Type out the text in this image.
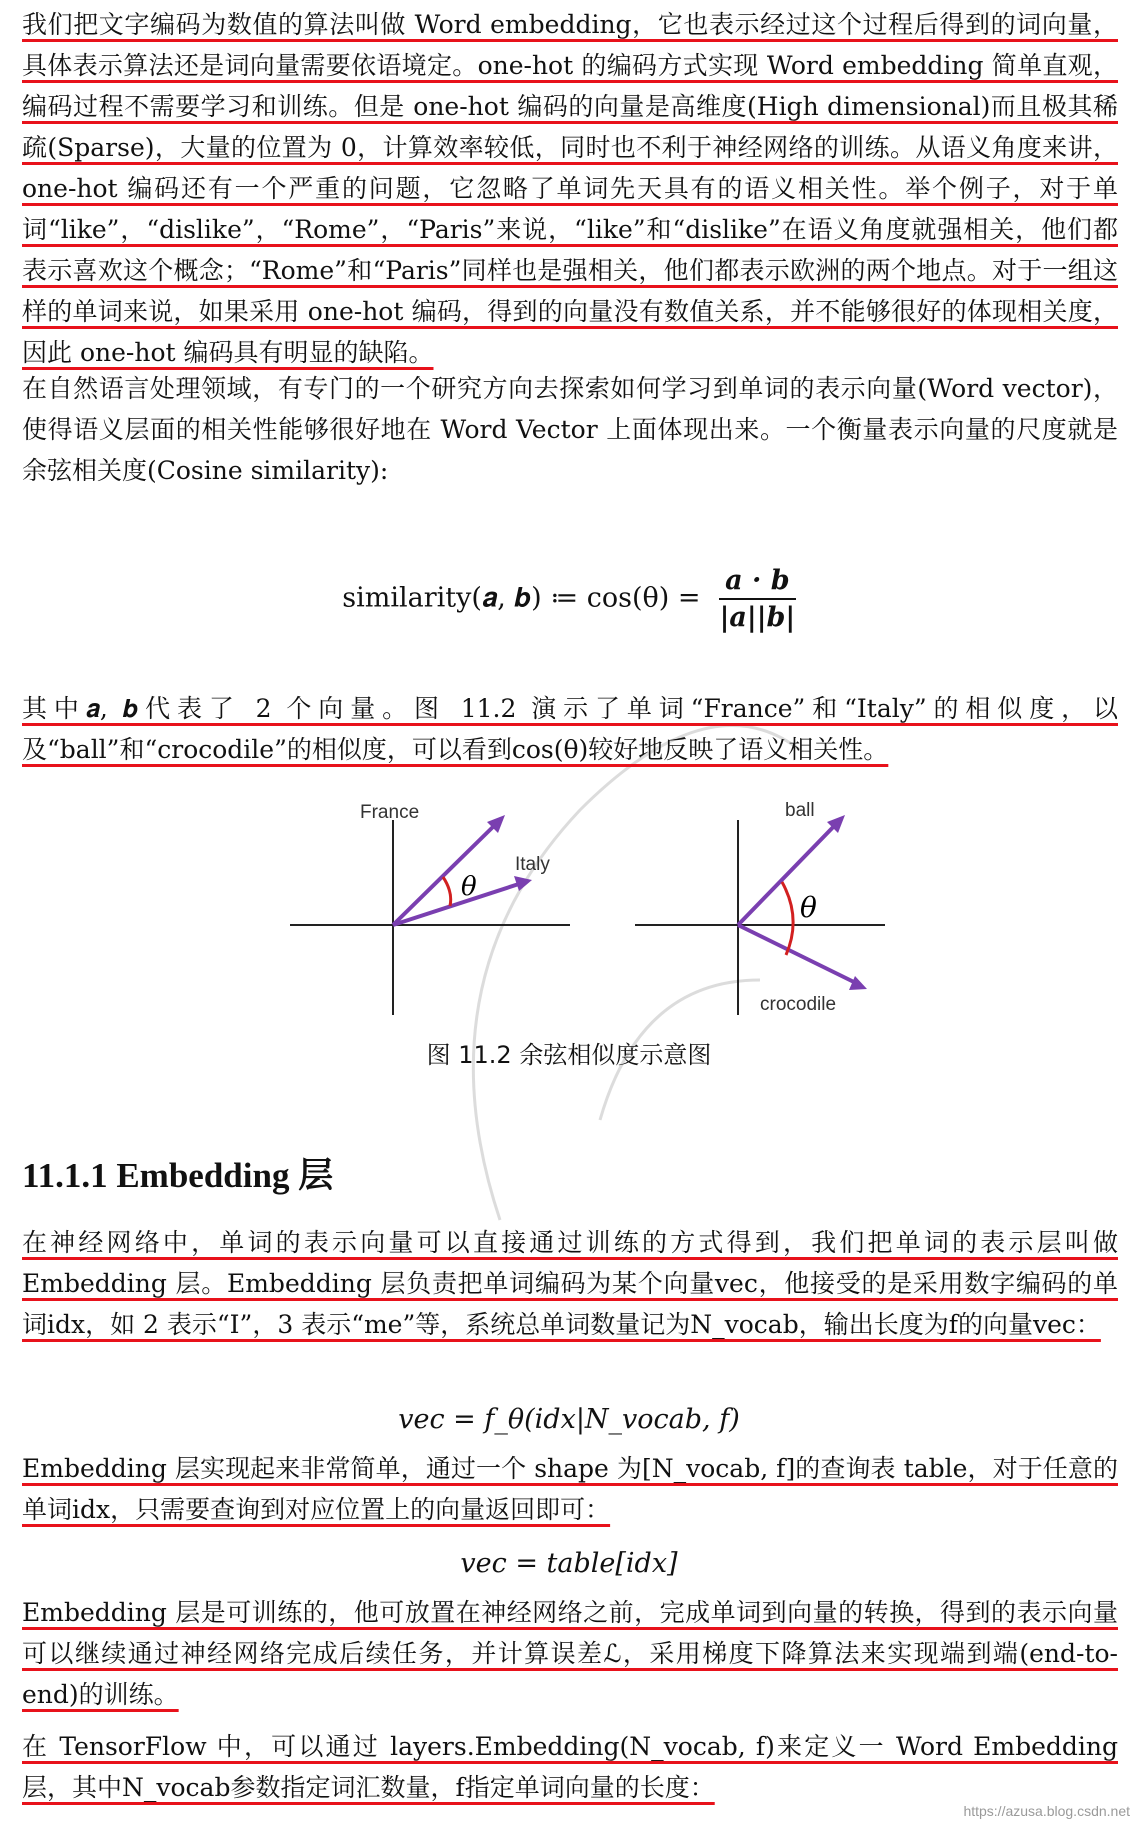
我们把文字编码为数值的算法叫做 Word embedding，它也表示经过这个过程后得到的词向量，具体表示算法还是词向量需要依语境定。one-hot 的编码方式实现 Word embedding 简单直观，编码过程不需要学习和训练。但是 one-hot 编码的向量是高维度(High dimensional)而且极其稀疏(Sparse)，大量的位置为 0，计算效率较低，同时也不利于神经网络的训练。从语义角度来讲，one-hot 编码还有一个严重的问题，它忽略了单词先天具有的语义相关性。举个例子，对于单词“like”，“dislike”，“Rome”，“Paris”来说，“like”和“dislike”在语义角度就强相关，他们都表示喜欢这个概念；“Rome”和“Paris”同样也是强相关，他们都表示欧洲的两个地点。对于一组这样的单词来说，如果采用 one-hot 编码，得到的向量没有数值关系，并不能够很好的体现相关度，因此 one-hot 编码具有明显的缺陷。
在自然语言处理领域，有专门的一个研究方向去探索如何学习到单词的表示向量(Word vector)，使得语义层面的相关性能够很好地在 Word Vector 上面体现出来。一个衡量表示向量的尺度就是余弦相关度(Cosine similarity):
similarity(𝒂, 𝒃) ≔ $\cos(\theta) = \frac{\text{𝒂 · 𝒃}}{\text{|𝒂||𝒃|}}$
其中𝒂, 𝒃代表了 2 个向量。图 11.2 演示了单词“France”和“Italy”的相似度，以及“ball”和“crocodile”的相似度，可以看到cos(θ)较好地反映了语义相关性。
θ
France
Italy
θ
ball
crocodile
图 11.2 余弦相似度示意图
11.1.1 Embedding 层
在神经网络中，单词的表示向量可以直接通过训练的方式得到，我们把单词的表示层叫做 Embedding 层。Embedding 层负责把单词编码为某个向量vec，他接受的是采用数字编码的单词idx，如 2 表示“I”，3 表示“me”等，系统总单词数量记为N_vocab，输出长度为f的向量vec：
vec = f_θ(idx|N_vocab, f)
Embedding 层实现起来非常简单，通过一个 shape 为[N_vocab, f]的查询表 table，对于任意的单词idx，只需要查询到对应位置上的向量返回即可：
vec = table[idx]
Embedding 层是可训练的，他可放置在神经网络之前，完成单词到向量的转换，得到的表示向量可以继续通过神经网络完成后续任务，并计算误差ℒ，采用梯度下降算法来实现端到端(end-to-end)的训练。
在 TensorFlow 中，可以通过 layers.Embedding(N_vocab, f)来定义一 Word Embedding 层，其中N_vocab参数指定词汇数量，f指定单词向量的长度：
https://azusa.blog.csdn.net
